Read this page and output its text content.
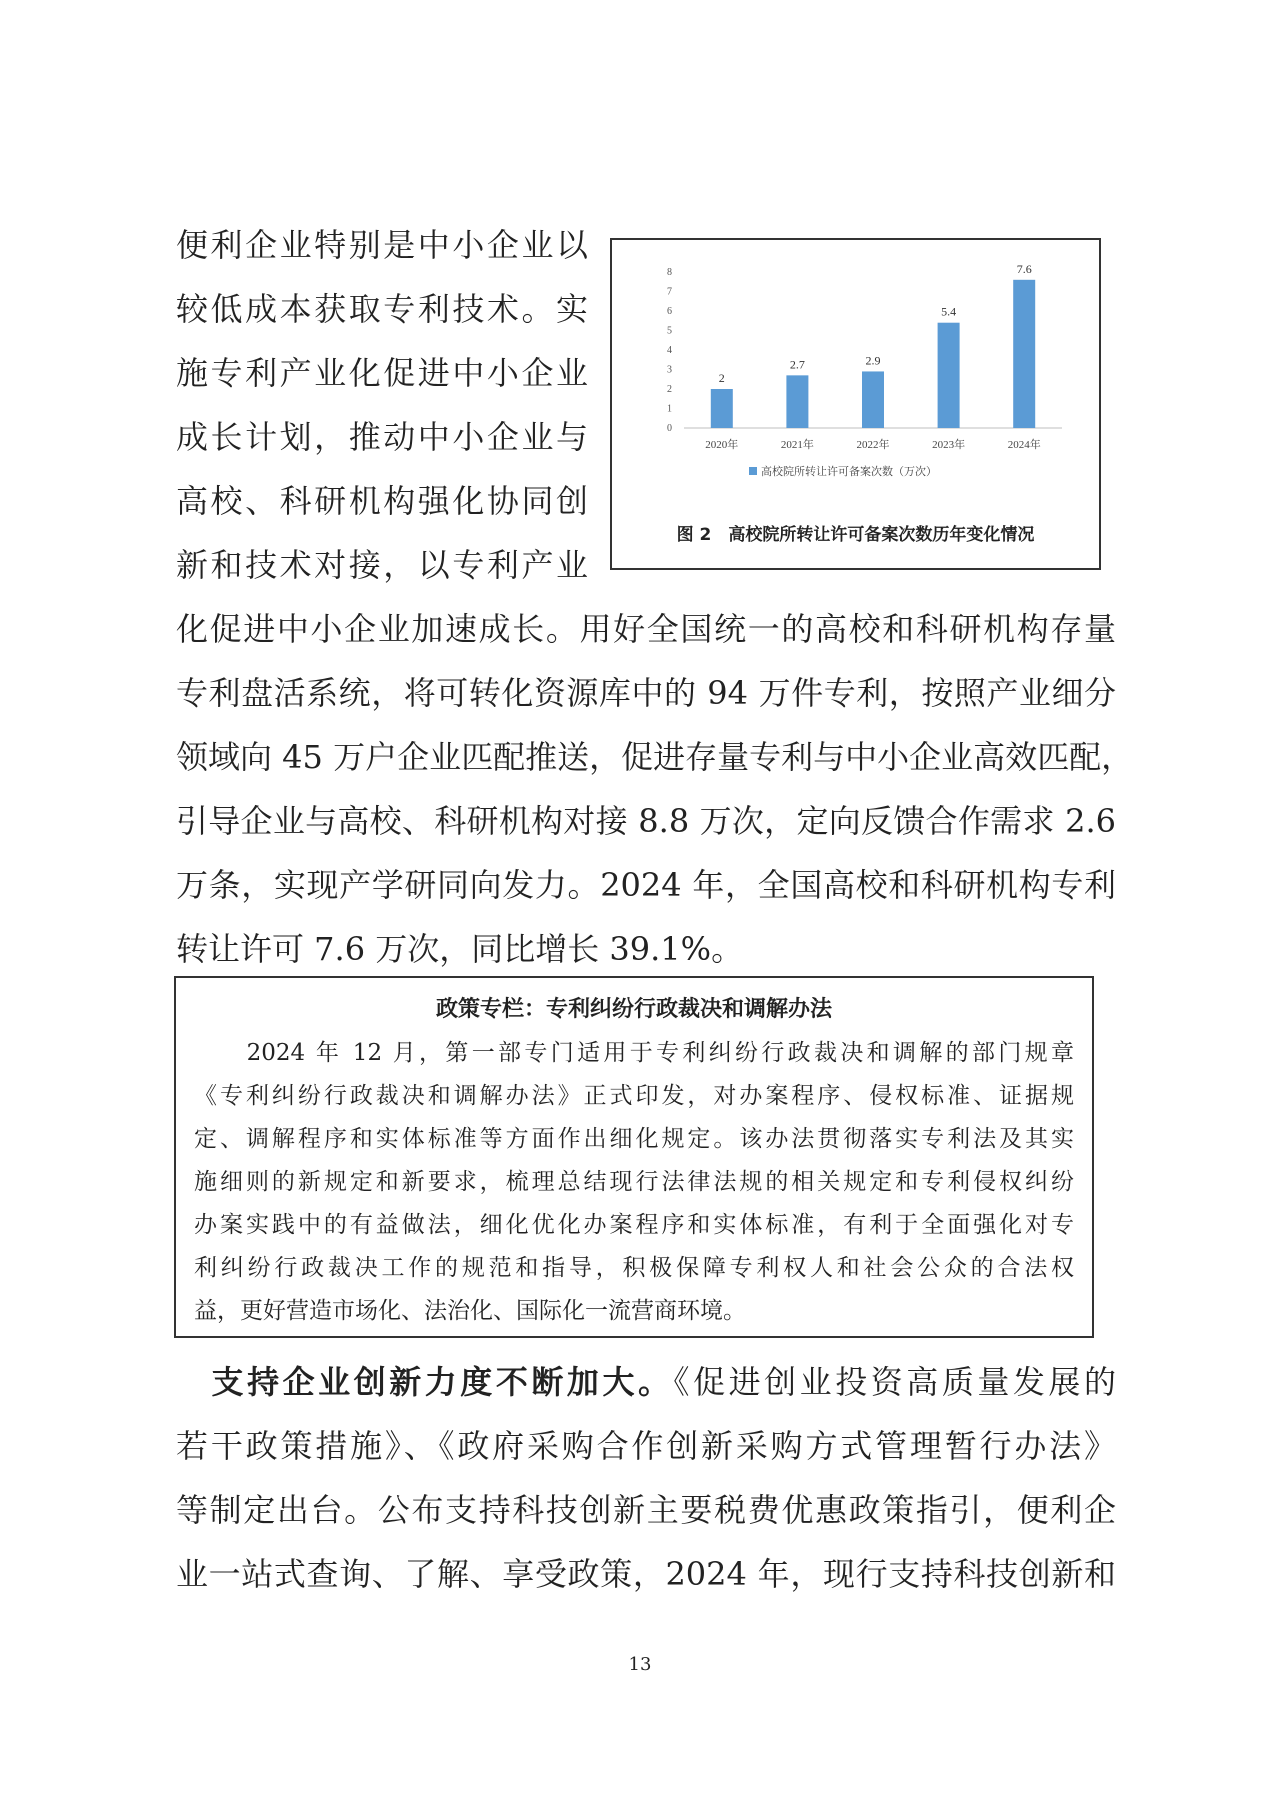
便利企业特别是中小企业以
较低成本获取专利技术。实
施专利产业化促进中小企业
成长计划，推动中小企业与
高校、科研机构强化协同创
新和技术对接，以专利产业
0
1
2
3
4
5
6
7
8
2
2020年
2.7
2021年
2.9
2022年
5.4
2023年
7.6
2024年
高校院所转让许可备案次数（万次）
图 2　高校院所转让许可备案次数历年变化情况
化促进中小企业加速成长。用好全国统一的高校和科研机构存量
专利盘活系统，将可转化资源库中的 94 万件专利，按照产业细分
领域向 45 万户企业匹配推送，促进存量专利与中小企业高效匹配，
引导企业与高校、科研机构对接 8.8 万次，定向反馈合作需求 2.6
万条，实现产学研同向发力。2024 年，全国高校和科研机构专利
转让许可 7.6 万次，同比增长 39.1%。
政策专栏：专利纠纷行政裁决和调解办法
　　2024 年 12 月，第一部专门适用于专利纠纷行政裁决和调解的部门规章
《专利纠纷行政裁决和调解办法》正式印发，对办案程序、侵权标准、证据规
定、调解程序和实体标准等方面作出细化规定。该办法贯彻落实专利法及其实
施细则的新规定和新要求，梳理总结现行法律法规的相关规定和专利侵权纠纷
办案实践中的有益做法，细化优化办案程序和实体标准，有利于全面强化对专
利纠纷行政裁决工作的规范和指导，积极保障专利权人和社会公众的合法权
益，更好营造市场化、法治化、国际化一流营商环境。
　支持企业创新力度不断加大。《促进创业投资高质量发展的
若干政策措施》、《政府采购合作创新采购方式管理暂行办法》
等制定出台。公布支持科技创新主要税费优惠政策指引，便利企
业一站式查询、了解、享受政策，2024 年，现行支持科技创新和
13
